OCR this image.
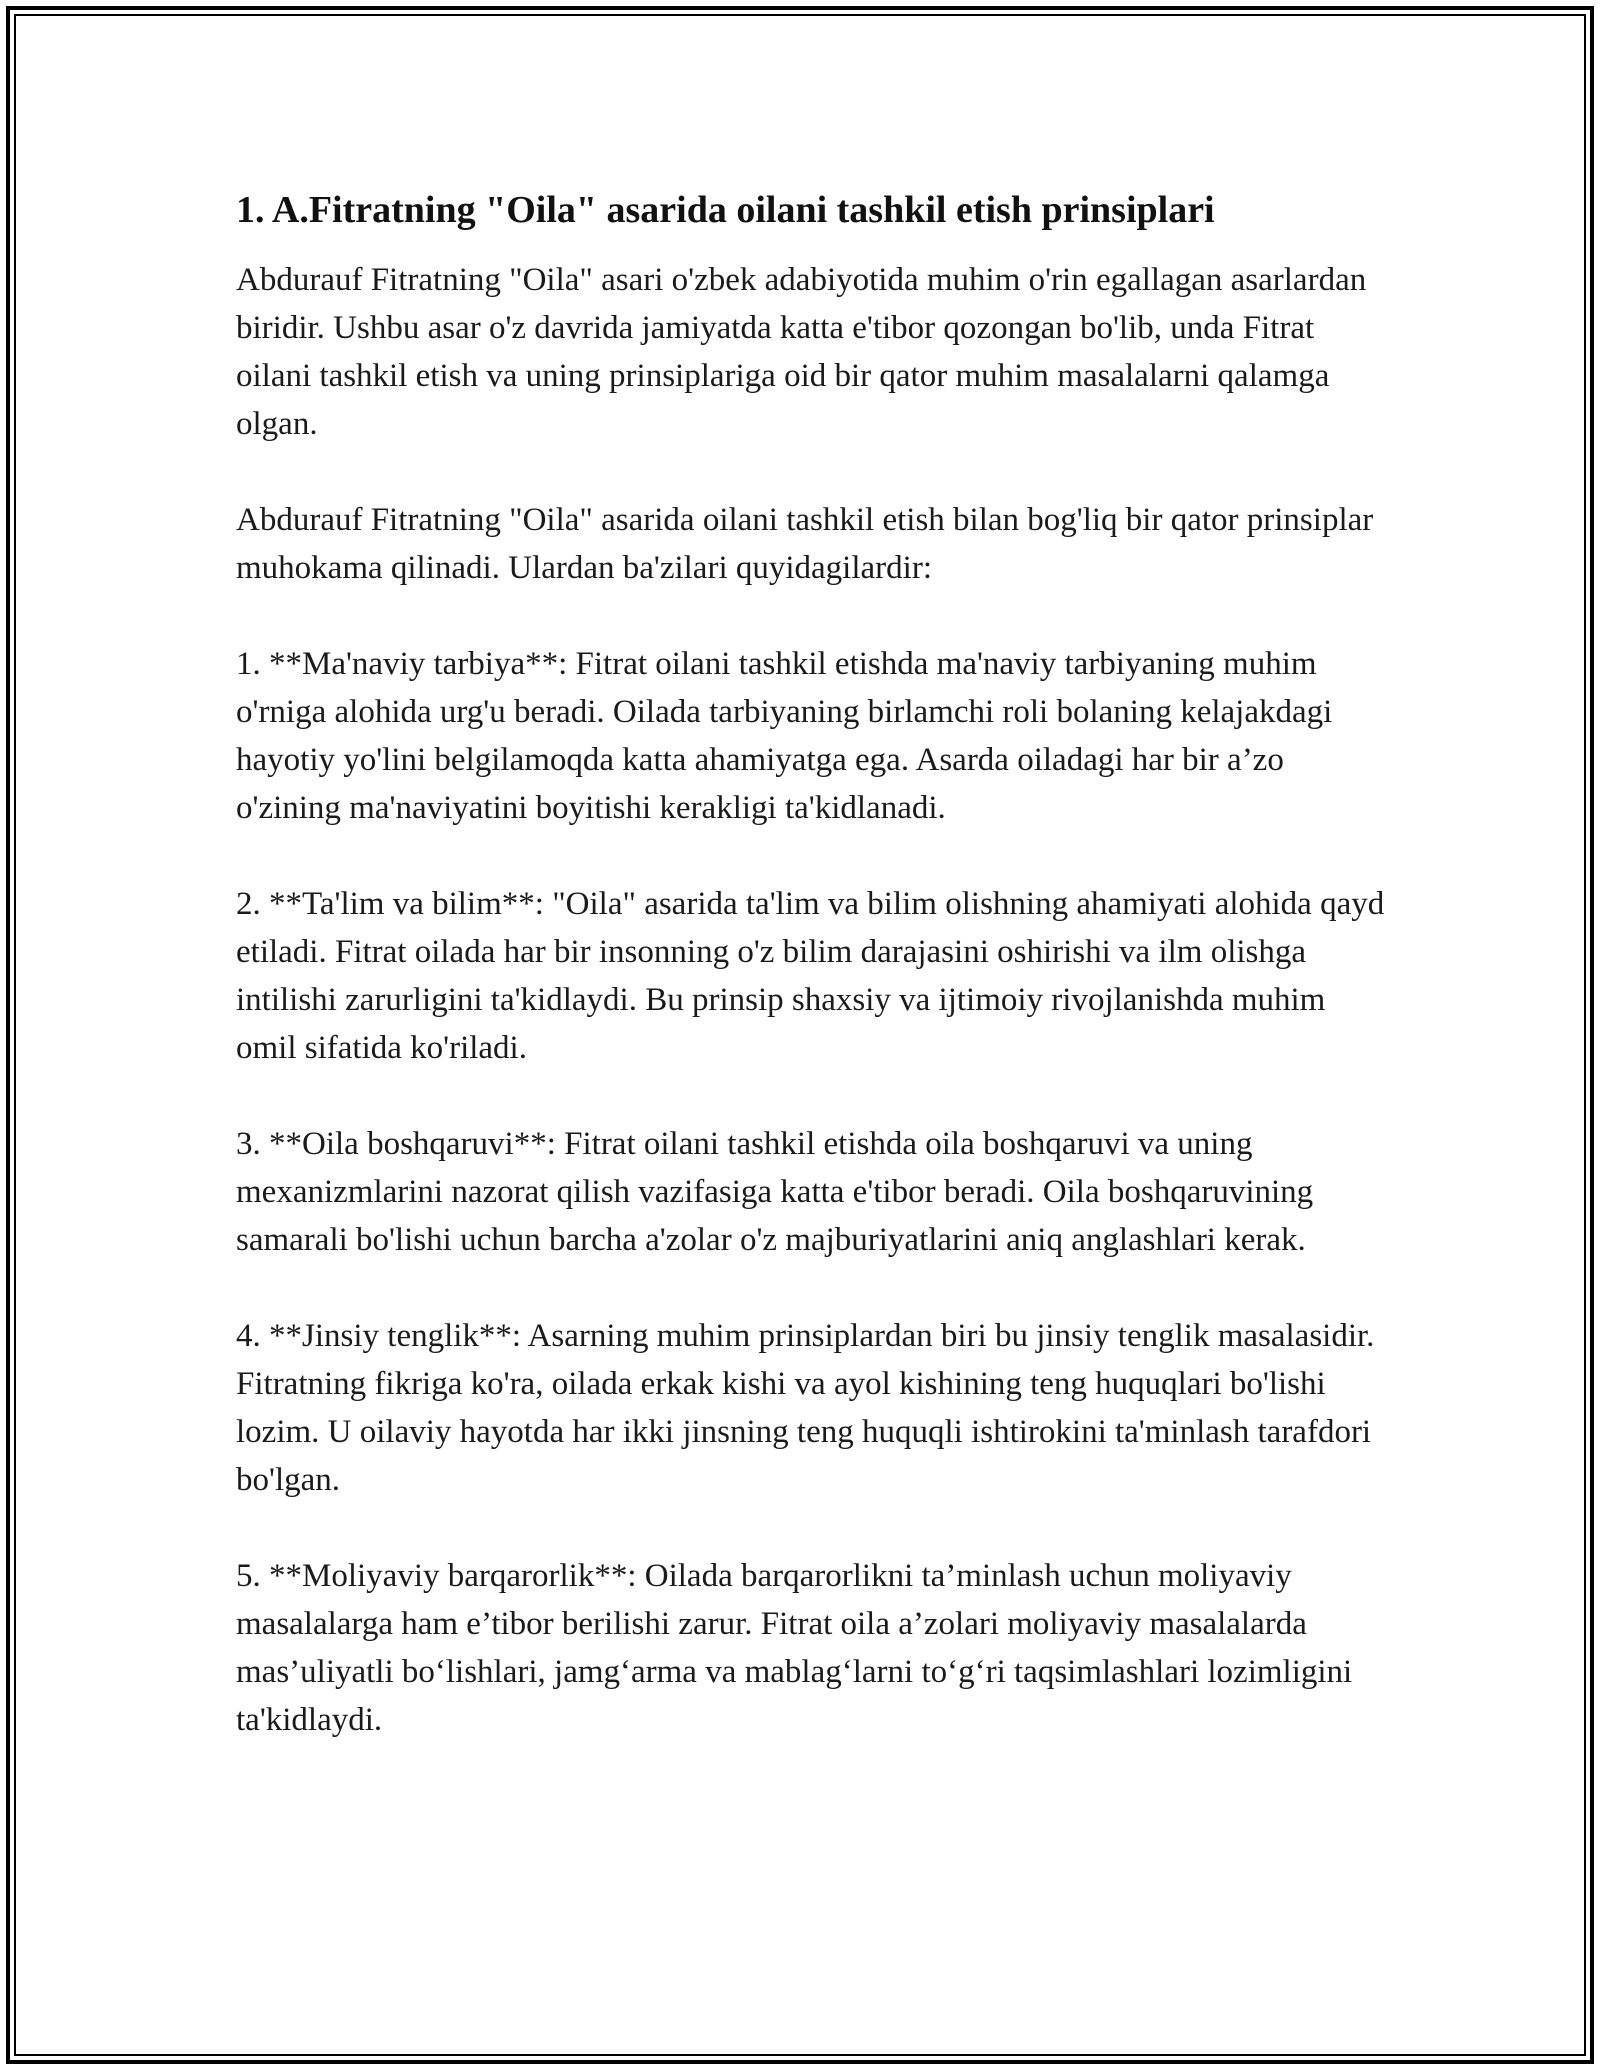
1. A.Fitratning "Oila" asarida oilani tashkil etish prinsiplari

Abdurauf Fitratning "Oila" asari o'zbek adabiyotida muhim o'rin egallagan asarlardan biridir. Ushbu asar o'z davrida jamiyatda katta e'tibor qozongan bo'lib, unda Fitrat oilani tashkil etish va uning prinsiplariga oid bir qator muhim masalalarni qalamga olgan.

Abdurauf Fitratning "Oila" asarida oilani tashkil etish bilan bog'liq bir qator prinsiplar muhokama qilinadi. Ulardan ba'zilari quyidagilardir:

1. **Ma'naviy tarbiya**: Fitrat oilani tashkil etishda ma'naviy tarbiyaning muhim o'rniga alohida urg'u beradi. Oilada tarbiyaning birlamchi roli bolaning kelajakdagi hayotiy yo'lini belgilamoqda katta ahamiyatga ega. Asarda oiladagi har bir a’zo o'zining ma'naviyatini boyitishi kerakligi ta'kidlanadi.

2. **Ta'lim va bilim**: "Oila" asarida ta'lim va bilim olishning ahamiyati alohida qayd etiladi. Fitrat oilada har bir insonning o'z bilim darajasini oshirishi va ilm olishga intilishi zarurligini ta'kidlaydi. Bu prinsip shaxsiy va ijtimoiy rivojlanishda muhim omil sifatida ko'riladi.

3. **Oila boshqaruvi**: Fitrat oilani tashkil etishda oila boshqaruvi va uning mexanizmlarini nazorat qilish vazifasiga katta e'tibor beradi. Oila boshqaruvining samarali bo'lishi uchun barcha a'zolar o'z majburiyatlarini aniq anglashlari kerak.

4. **Jinsiy tenglik**: Asarning muhim prinsiplardan biri bu jinsiy tenglik masalasidir. Fitratning fikriga ko'ra, oilada erkak kishi va ayol kishining teng huquqlari bo'lishi lozim. U oilaviy hayotda har ikki jinsning teng huquqli ishtirokini ta'minlash tarafdori bo'lgan.

5. **Moliyaviy barqarorlik**: Oilada barqarorlikni ta’minlash uchun moliyaviy masalalarga ham e’tibor berilishi zarur. Fitrat oila a’zolari moliyaviy masalalarda mas’uliyatli bo‘lishlari, jamg‘arma va mablag‘larni to‘g‘ri taqsimlashlari lozimligini ta'kidlaydi.
